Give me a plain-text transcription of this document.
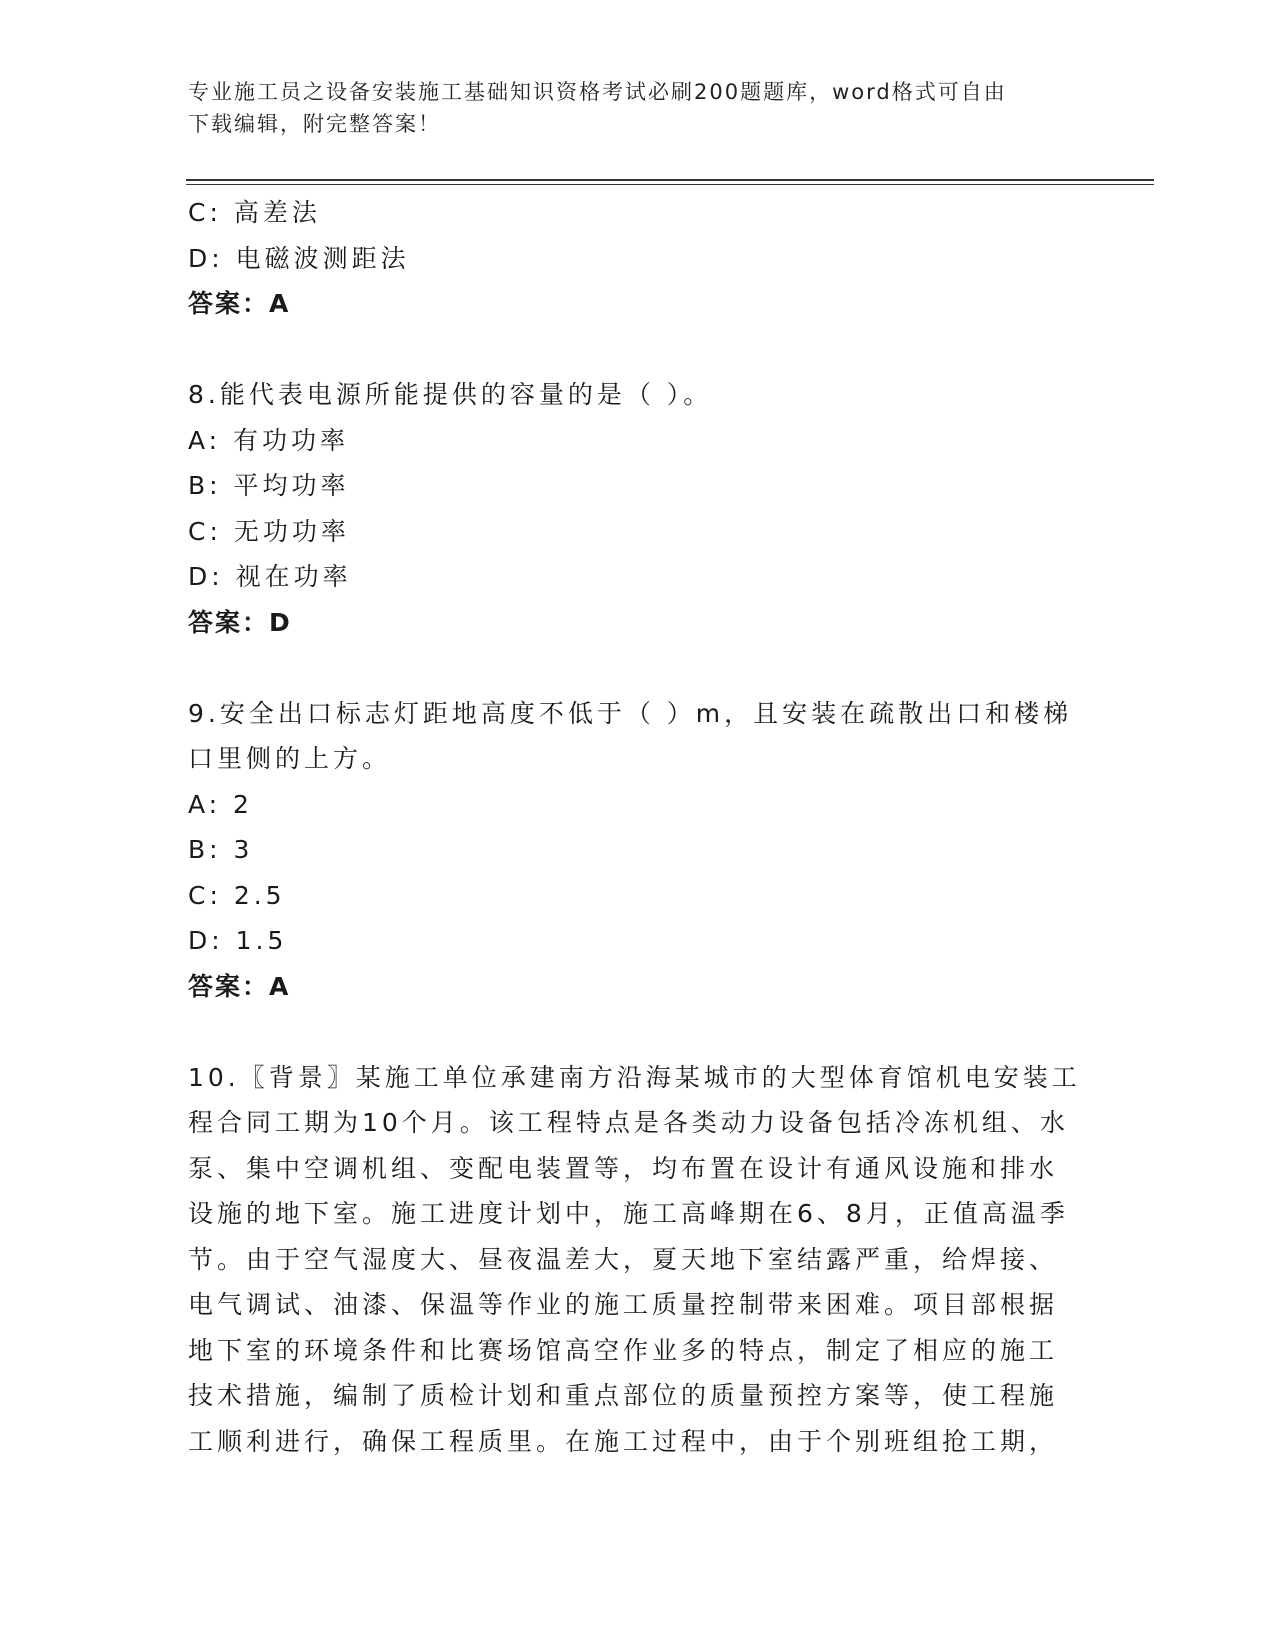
专业施工员之设备安装施工基础知识资格考试必刷200题题库，word格式可自由
下载编辑，附完整答案！
C: 高差法
D: 电磁波测距法
答案：A
8.能代表电源所能提供的容量的是（ ）。
A: 有功功率
B: 平均功率
C: 无功功率
D: 视在功率
答案：D
9.安全出口标志灯距地高度不低于（ ）m，且安装在疏散出口和楼梯
口里侧的上方。
A: 2
B: 3
C: 2.5
D: 1.5
答案：A
10.〖背景〗某施工单位承建南方沿海某城市的大型体育馆机电安装工
程合同工期为10个月。该工程特点是各类动力设备包括冷冻机组、水
泵、集中空调机组、变配电装置等，均布置在设计有通风设施和排水
设施的地下室。施工进度计划中，施工高峰期在6、8月，正值高温季
节。由于空气湿度大、昼夜温差大，夏天地下室结露严重，给焊接、
电气调试、油漆、保温等作业的施工质量控制带来困难。项目部根据
地下室的环境条件和比赛场馆高空作业多的特点，制定了相应的施工
技术措施，编制了质检计划和重点部位的质量预控方案等，使工程施
工顺利进行，确保工程质里。在施工过程中，由于个别班组抢工期，
